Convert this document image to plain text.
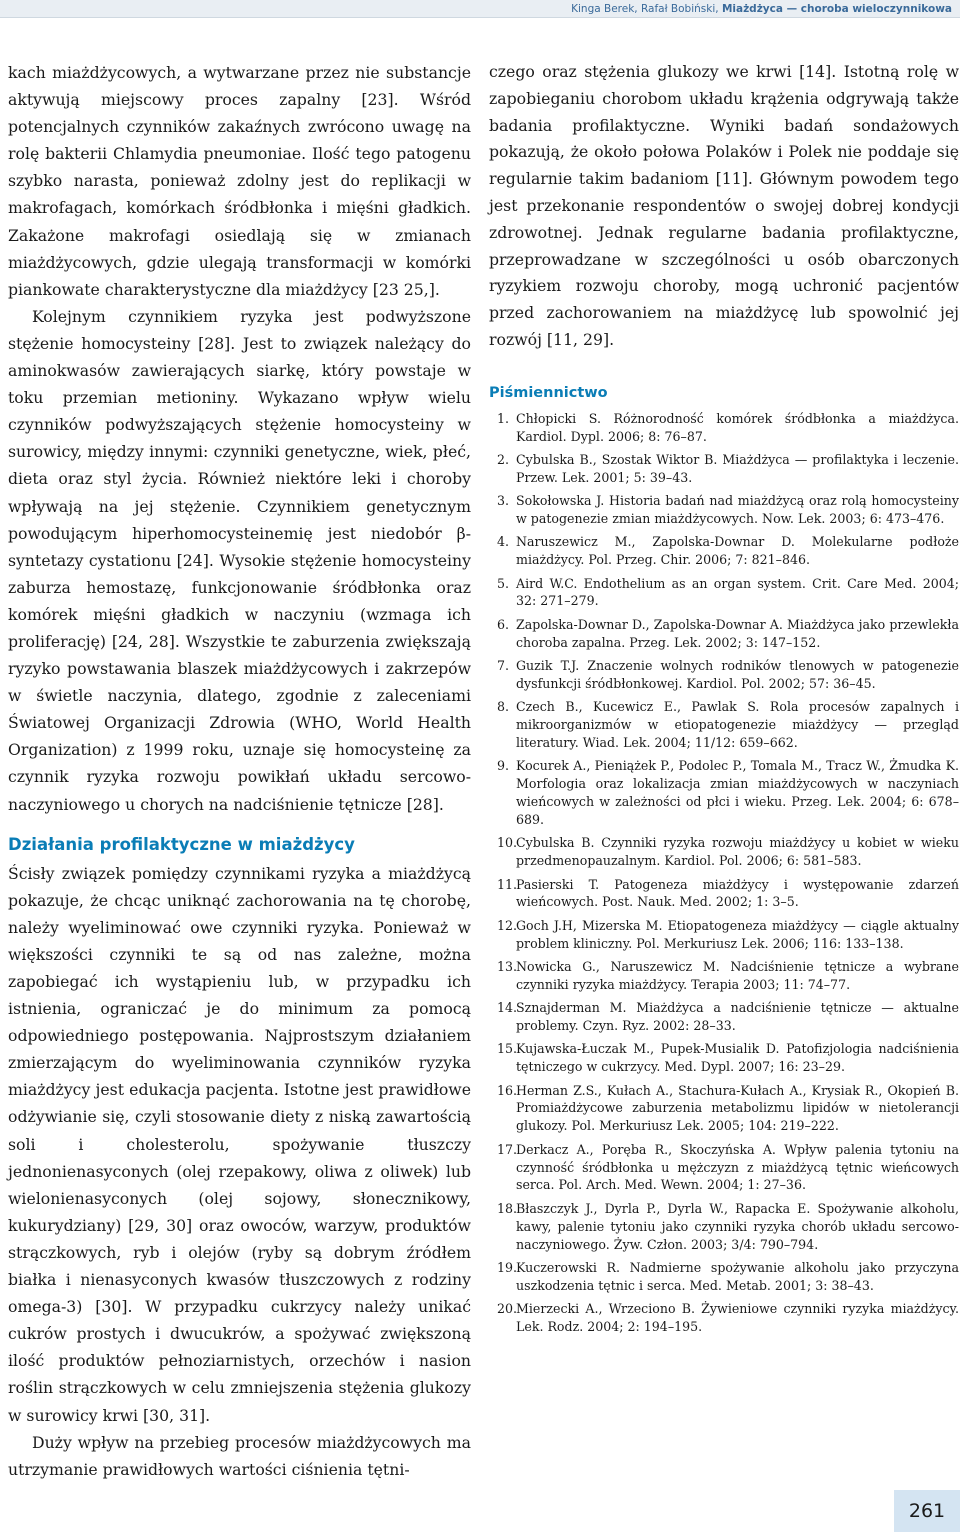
Kinga Berek, Rafał Bobiński, Miażdżyca — choroba wieloczynnikowa

kach miażdżycowych, a wytwarzane przez nie substancje aktywują miejscowy proces zapalny [23]. Wśród potencjalnych czynników zakaźnych zwrócono uwagę na rolę bakterii Chlamydia pneumoniae. Ilość tego patogenu szybko narasta, ponieważ zdolny jest do replikacji w makrofagach, komórkach śródbłonka i mięśni gładkich. Zakażone makrofagi osiedlają się w zmianach miażdżycowych, gdzie ulegają transformacji w komórki piankowate charakterystyczne dla miażdżycy [23 25,].

Kolejnym czynnikiem ryzyka jest podwyższone stężenie homocysteiny [28]. Jest to związek należący do aminokwasów zawierających siarkę, który powstaje w toku przemian metioniny. Wykazano wpływ wielu czynników podwyższających stężenie homocysteiny w surowicy, między innymi: czynniki genetyczne, wiek, płeć, dieta oraz styl życia. Również niektóre leki i choroby wpływają na jej stężenie. Czynnikiem genetycznym powodującym hiperhomocysteinemię jest niedobór β-syntetazy cystationu [24]. Wysokie stężenie homocysteiny zaburza hemostazę, funkcjonowanie śródbłonka oraz komórek mięśni gładkich w naczyniu (wzmaga ich proliferację) [24, 28]. Wszystkie te zaburzenia zwiększają ryzyko powstawania blaszek miażdżycowych i zakrzepów w świetle naczynia, dlatego, zgodnie z zaleceniami Światowej Organizacji Zdrowia (WHO, World Health Organization) z 1999 roku, uznaje się homocysteinę za czynnik ryzyka rozwoju powikłań układu sercowo-naczyniowego u chorych na nadciśnienie tętnicze [28].

Działania profilaktyczne w miażdżycy

Ścisły związek pomiędzy czynnikami ryzyka a miażdżycą pokazuje, że chcąc uniknąć zachorowania na tę chorobę, należy wyeliminować owe czynniki ryzyka. Ponieważ w większości czynniki te są od nas zależne, można zapobiegać ich wystąpieniu lub, w przypadku ich istnienia, ograniczać je do minimum za pomocą odpowiedniego postępowania. Najprostszym działaniem zmierzającym do wyeliminowania czynników ryzyka miażdżycy jest edukacja pacjenta. Istotne jest prawidłowe odżywianie się, czyli stosowanie diety z niską zawartością soli i cholesterolu, spożywanie tłuszczy jednonienasyconych (olej rzepakowy, oliwa z oliwek) lub wielonienasyconych (olej sojowy, słonecznikowy, kukurydziany) [29, 30] oraz owoców, warzyw, produktów strączkowych, ryb i olejów (ryby są dobrym źródłem białka i nienasyconych kwasów tłuszczowych z rodziny omega-3) [30]. W przypadku cukrzycy należy unikać cukrów prostych i dwucukrów, a spożywać zwiększoną ilość produktów pełnoziarnistych, orzechów i nasion roślin strączkowych w celu zmniejszenia stężenia glukozy w surowicy krwi [30, 31].

Duży wpływ na przebieg procesów miażdżycowych ma utrzymanie prawidłowych wartości ciśnienia tętni-

czego oraz stężenia glukozy we krwi [14]. Istotną rolę w zapobieganiu chorobom układu krążenia odgrywają także badania profilaktyczne. Wyniki badań sondażowych pokazują, że około połowa Polaków i Polek nie poddaje się regularnie takim badaniom [11]. Głównym powodem tego jest przekonanie respondentów o swojej dobrej kondycji zdrowotnej. Jednak regularne badania profilaktyczne, przeprowadzane w szczególności u osób obarczonych ryzykiem rozwoju choroby, mogą uchronić pacjentów przed zachorowaniem na miażdżycę lub spowolnić jej rozwój [11, 29].

Piśmiennictwo
1. Chłopicki S. Różnorodność komórek śródbłonka a miażdżyca. Kardiol. Dypl. 2006; 8: 76–87.
2. Cybulska B., Szostak Wiktor B. Miażdżyca — profilaktyka i leczenie. Przew. Lek. 2001; 5: 39–43.
3. Sokołowska J. Historia badań nad miażdżycą oraz rolą homocysteiny w patogenezie zmian miażdżycowych. Now. Lek. 2003; 6: 473–476.
4. Naruszewicz M., Zapolska-Downar D. Molekularne podłoże miażdżycy. Pol. Przeg. Chir. 2006; 7: 821–846.
5. Aird W.C. Endothelium as an organ system. Crit. Care Med. 2004; 32: 271–279.
6. Zapolska-Downar D., Zapolska-Downar A. Miażdżyca jako przewlekła choroba zapalna. Przeg. Lek. 2002; 3: 147–152.
7. Guzik T.J. Znaczenie wolnych rodników tlenowych w patogenezie dysfunkcji śródbłonkowej. Kardiol. Pol. 2002; 57: 36–45.
8. Czech B., Kucewicz E., Pawlak S. Rola procesów zapalnych i mikroorganizmów w etiopatogenezie miażdżycy — przegląd literatury. Wiad. Lek. 2004; 11/12: 659–662.
9. Kocurek A., Pieniążek P., Podolec P., Tomala M., Tracz W., Żmudka K. Morfologia oraz lokalizacja zmian miażdżycowych w naczyniach wieńcowych w zależności od płci i wieku. Przeg. Lek. 2004; 6: 678–689.
10.
Cybulska B. Czynniki ryzyka rozwoju miażdżycy u kobiet w wieku przedmenopauzalnym. Kardiol. Pol. 2006; 6: 581–583.
11.
Pasierski T. Patogeneza miażdżycy i występowanie zdarzeń wieńcowych. Post. Nauk. Med. 2002; 1: 3–5.
12.
Goch J.H, Mizerska M. Etiopatogeneza miażdżycy — ciągle aktualny problem kliniczny. Pol. Merkuriusz Lek. 2006; 116: 133–138.
13.
Nowicka G., Naruszewicz M. Nadciśnienie tętnicze a wybrane czynniki ryzyka miażdżycy. Terapia 2003; 11: 74–77.
14.
Sznajderman M. Miażdżyca a nadciśnienie tętnicze — aktualne problemy. Czyn. Ryz. 2002: 28–33.
15.
Kujawska-Łuczak M., Pupek-Musialik D. Patofizjologia nadciśnienia tętniczego w cukrzycy. Med. Dypl. 2007; 16: 23–29.
16.
Herman Z.S., Kułach A., Stachura-Kułach A., Krysiak R., Okopień B. Promiażdżycowe zaburzenia metabolizmu lipidów w nietolerancji glukozy. Pol. Merkuriusz Lek. 2005; 104: 219–222.
17.
Derkacz A., Poręba R., Skoczyńska A. Wpływ palenia tytoniu na czynność śródbłonka u mężczyzn z miażdżycą tętnic wieńcowych serca. Pol. Arch. Med. Wewn. 2004; 1: 27–36.
18.
Błaszczyk J., Dyrla P., Dyrla W., Rapacka E. Spożywanie alkoholu, kawy, palenie tytoniu jako czynniki ryzyka chorób układu sercowo-naczyniowego. Żyw. Człon. 2003; 3/4: 790–794.
19.
Kuczerowski R. Nadmierne spożywanie alkoholu jako przyczyna uszkodzenia tętnic i serca. Med. Metab. 2001; 3: 38–43.
20.
Mierzecki A., Wrzeciono B. Żywieniowe czynniki ryzyka miażdżycy. Lek. Rodz. 2004; 2: 194–195.
261
